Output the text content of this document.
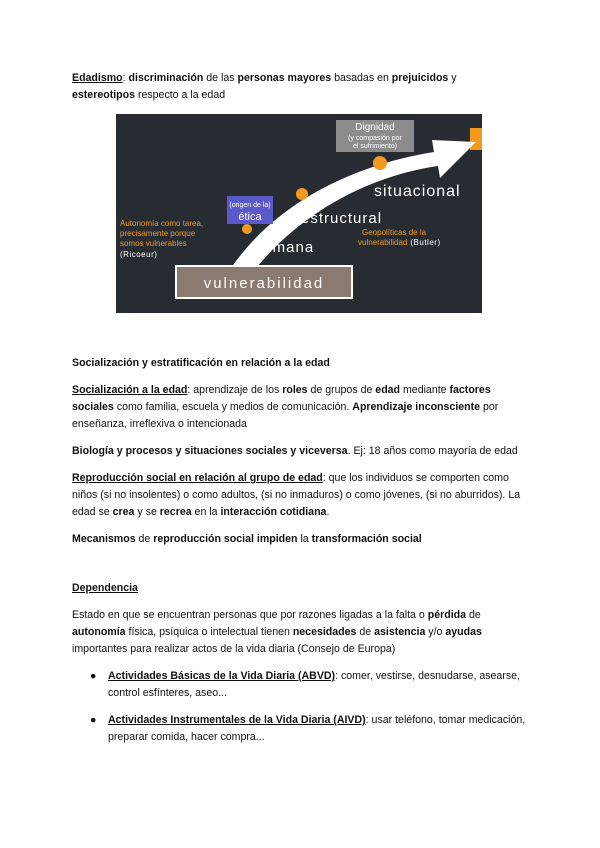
Edadismo: discriminación de las personas mayores basadas en prejuicidos y
estereotipos respecto a la edad

vulnerabilidad
Dignidad
(y compasión por
el sufrimiento)
situacional
(origen de la)
ética	estructural
humana
Autonomía como tarea,
precisamente porque
somos vulnerables
(Ricoeur)
Geopolíticas de la
vulnerabilidad (Butler)

Socialización y estratificación en relación a la edad

Socialización a la edad: aprendizaje de los roles de grupos de edad mediante factores sociales como familia, escuela y medios de comunicación. Aprendizaje inconsciente por enseñanza, irreflexiva o intencionada

Biología y procesos y situaciones sociales y viceversa. Ej: 18 años como mayoría de edad

Reproducción social en relación al grupo de edad: que los individuos se comporten como niños (si no insolentes) o como adultos, (si no inmaduros) o como jóvenes, (si no aburridos). La edad se crea y se recrea en la interacción cotidiana.

Mecanismos de reproducción social impiden la transformación social

Dependencia

Estado en que se encuentran personas que por razones ligadas a la falta o pérdida de autonomía física, psíquica o intelectual tienen necesidades de asistencia y/o ayudas importantes para realizar actos de la vida diaria (Consejo de Europa)

● Actividades Básicas de la Vida Diaria (ABVD): comer, vestirse, desnudarse, asearse, control esfínteres, aseo...
● Actividades Instrumentales de la Vida Diaria (AIVD): usar teléfono, tomar medicación, preparar comida, hacer compra...
